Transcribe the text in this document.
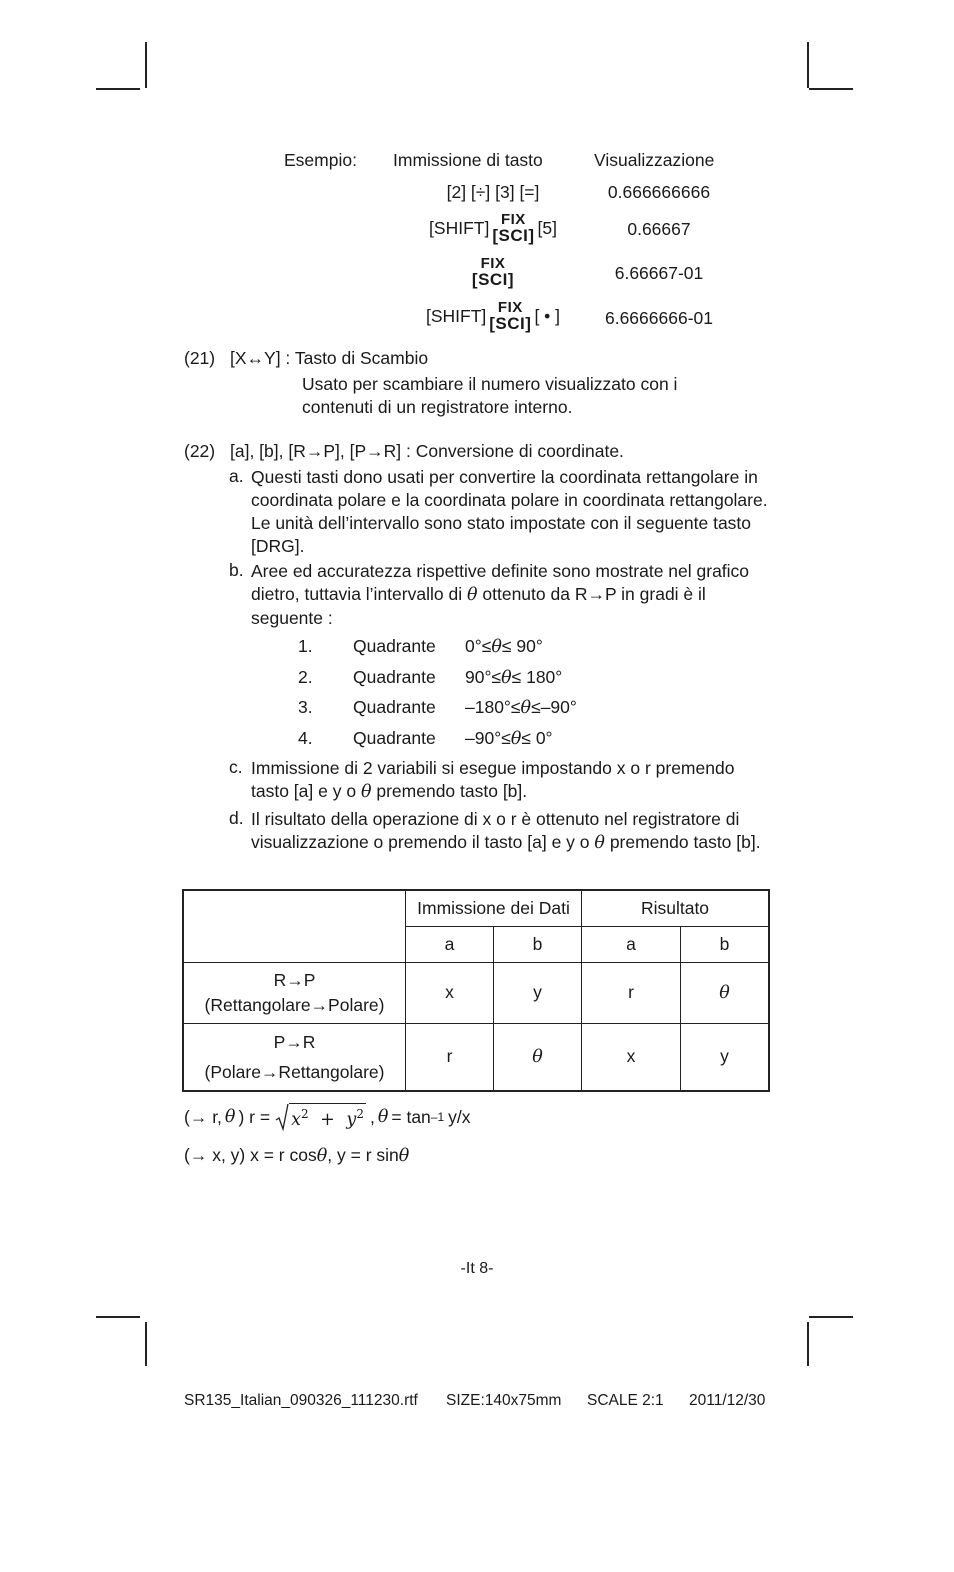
Esempio: Immissione di tasto	Visualizzazione
[2] [÷] [3] [=]	0.666666666
[SHIFT] FIX
[SCI] [5]	0.66667
FIX
[SCI]	6.66667-01
[SHIFT] FIX
[SCI] [ • ]	6.6666666-01
(21) [X↔Y] : Tasto di Scambio
Usato per scambiare il numero visualizzato con i contenuti di un registratore interno.
(22) [a], [b], [R→P], [P→R] : Conversione di coordinate.
a. Questi tasti dono usati per convertire la coordinata rettangolare in coordinata polare e la coordinata polare in coordinata rettangolare. Le unità dell’intervallo sono stato impostate con il seguente tasto [DRG].
b. Aree ed accuratezza rispettive definite sono mostrate nel grafico dietro, tuttavia l’intervallo di θ ottenuto da R→P in gradi è il seguente :
1. Quadrante 0°≤θ≤ 90°
2. Quadrante 90°≤θ≤ 180°
3. Quadrante –180°≤θ≤–90°
4. Quadrante –90°≤θ≤ 0°
c. Immissione di 2 variabili si esegue impostando x o r premendo tasto [a] e y o θ premendo tasto [b].
d. Il risultato della operazione di x o r è ottenuto nel registratore di visualizzazione o premendo il tasto [a] e y o θ premendo tasto [b].
	Immissione dei Dati		Risultato	
	a	b	a	b

R→P
(Rettangolare→Polare)	x	y	r	θ

P→R
(Polare→Rettangolare)	r	θ	x	y
(→ r, θ ) $r = x^2 + y^2$ , θ = tan –1 y/x
(→ x, y) x = r cosθ, y = r sinθ
-It 8-
SR135_Italian_090326_111230.rtf SIZE:140x75mm SCALE 2:1 2011/12/30
